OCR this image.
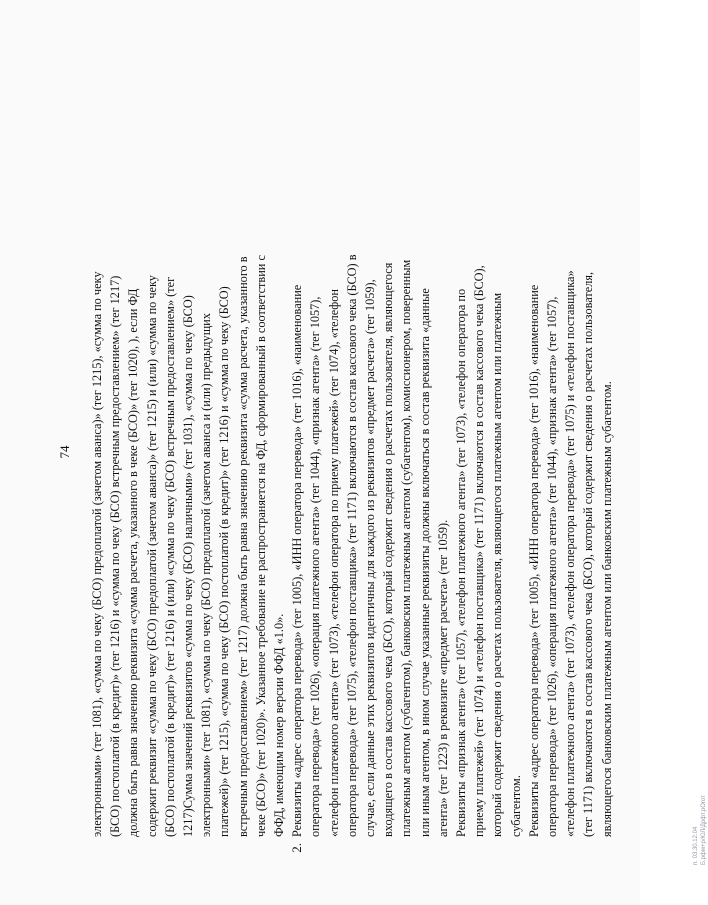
74 электронными» (тег 1081), «сумма по чеку (БСО) предоплатой (зачетом аванса)» (тег 1215), «сумма по чеку (БСО) постоплатой (в кредит)» (тег 1216) и «сумма по чеку (БСО) встречным предоставлением» (тег 1217) должна быть равна значению реквизита «сумма расчета, указанного в чеке (БСО)» (тег 1020), ), если ФД содержит реквизит «сумма по чеку (БСО) предоплатой (зачетом аванса)» (тег 1215) и (или) «сумма по чеку (БСО) постоплатой (в кредит)» (тег 1216) и (или) «сумма по чеку (БСО) встречным предоставлением» (тег 1217)Сумма значений реквизитов «сумма по чеку (БСО) наличными» (тег 1031), «сумма по чеку (БСО) электронными» (тег 1081), «сумма по чеку (БСО) предоплатой (зачетом аванса и (или) предыдущих платежей)» (тег 1215), «сумма по чеку (БСО) постоплатой (в кредит)» (тег 1216) и «сумма по чеку (БСО) встречным предоставлением» (тег 1217) должна быть равна значению реквизита «сумма расчета, указанного в чеке (БСО)» (тег 1020)». Указанное требование не распространяется на ФД, сформированный в соответствии с ФФД, имеющим номер версии ФФД «1.0».
2.
Реквизиты «адрес оператора перевода» (тег 1005), «ИНН оператора перевода» (тег 1016), «наименование оператора перевода» (тег 1026), «операция платежного агента» (тег 1044), «признак агента» (тег 1057), «телефон платежного агента» (тег 1073), «телефон оператора по приему платежей» (тег 1074), «телефон оператора перевода» (тег 1075), «телефон поставщика» (тег 1171) включаются в состав кассового чека (БСО) в случае, если данные этих реквизитов идентичны для каждого из реквизитов «предмет расчета» (тег 1059), входящего в состав кассового чека (БСО), который содержит сведения о расчетах пользователя, являющегося платежным агентом (субагентом), банковским платежным агентом (субагентом), комиссионером, поверенным или иным агентом, в ином случае указанные реквизиты должны включаться в состав реквизита «данные агента» (тег 1223) в реквизите «предмет расчета» (тег 1059). Реквизиты «признак агента» (тег 1057), «телефон платежного агента» (тег 1073), «телефон оператора по приему платежей» (тег 1074) и «телефон поставщика» (тег 1171) включаются в состав кассового чека (БСО), который содержит сведения о расчетах пользователя, являющегося платежным агентом или платежным субагентом. Реквизиты «адрес оператора перевода» (тег 1005), «ИНН оператора перевода» (тег 1016), «наименование оператора перевода» (тег 1026), «операция платежного агента» (тег 1044), «признак агента» (тег 1057), «телефон платежного агента» (тег 1073), «телефон оператора перевода» (тег 1075) и «телефон поставщика» (тег 1171) включаются в состав кассового чека (БСО), который содержит сведения о расчетах пользователя, являющегося банковским платежным агентом или банковским платежным субагентом.
п. 03.30.12.04 Б.рфм+р/ЮЛ/Дрфт.рОгот
